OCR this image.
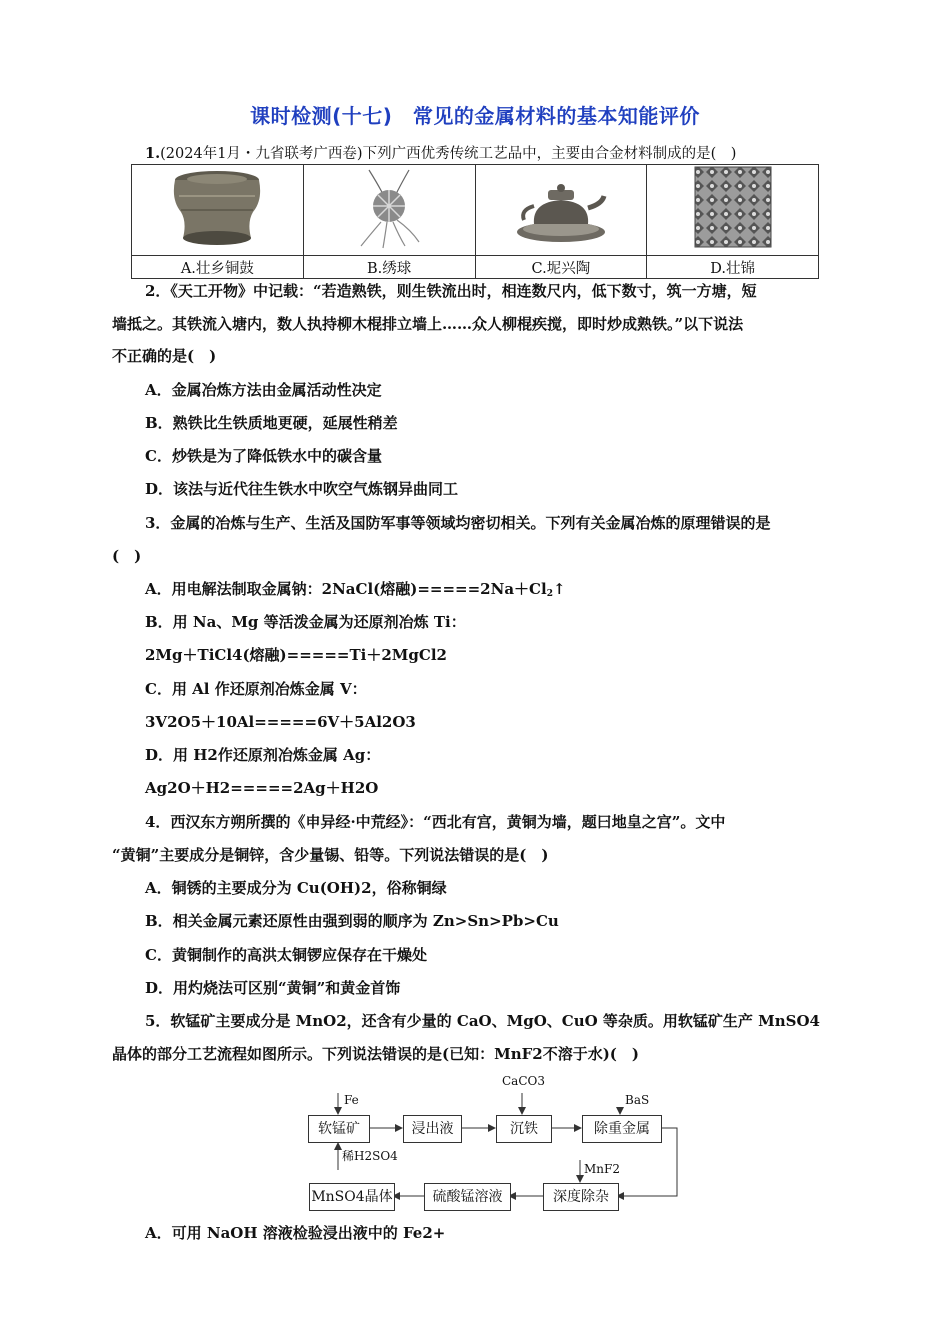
课时检测(十七)　常见的金属材料的基本知能评价
1.(2024年1月・九省联考广西卷)下列广西优秀传统工艺品中，主要由合金材料制成的是(　)

A.壮乡铜鼓	B.绣球	C.坭兴陶	D.壮锦
2．《天工开物》中记载：“若造熟铁，则生铁流出时，相连数尺内，低下数寸，筑一方塘，短
墙抵之。其铁流入塘内，数人执持柳木棍排立墙上……众人柳棍疾搅，即时炒成熟铁。”以下说法
不正确的是(　)
A．金属冶炼方法由金属活动性决定
B．熟铁比生铁质地更硬，延展性稍差
C．炒铁是为了降低铁水中的碳含量
D．该法与近代往生铁水中吹空气炼钢异曲同工
3．金属的冶炼与生产、生活及国防军事等领域均密切相关。下列有关金属冶炼的原理错误的是
(　)
A．用电解法制取金属钠：2NaCl(熔融)$=====2Na+Cl_2↑$
B．用 Na、Mg 等活泼金属为还原剂冶炼 Ti：
2Mg＋TiCl4(熔融)=====Ti＋2MgCl2
C．用 Al 作还原剂冶炼金属 V：
3V2O5＋10Al=====6V＋5Al2O3
D．用 H2作还原剂冶炼金属 Ag：
Ag2O＋H2=====2Ag＋H2O
4．西汉东方朔所撰的《申异经·中荒经》：“西北有宫，黄铜为墙，题曰地皇之宫”。文中
“黄铜”主要成分是铜锌，含少量锡、铅等。下列说法错误的是(　)
A．铜锈的主要成分为 Cu(OH)2，俗称铜绿
B．相关金属元素还原性由强到弱的顺序为 Zn>Sn>Pb>Cu
C．黄铜制作的高洪太铜锣应保存在干燥处
D．用灼烧法可区别“黄铜”和黄金首饰
5．软锰矿主要成分是 MnO2，还含有少量的 CaO、MgO、CuO 等杂质。用软锰矿生产 MnSO4
晶体的部分工艺流程如图所示。下列说法错误的是(已知：MnF2不溶于水)(　)
Fe
CaCO3
BaS
MnF2
稀H2SO4
软锰矿	浸出液	沉铁	除重金属
深度除杂
硫酸锰溶液
MnSO4晶体
A．可用 NaOH 溶液检验浸出液中的 Fe2+
